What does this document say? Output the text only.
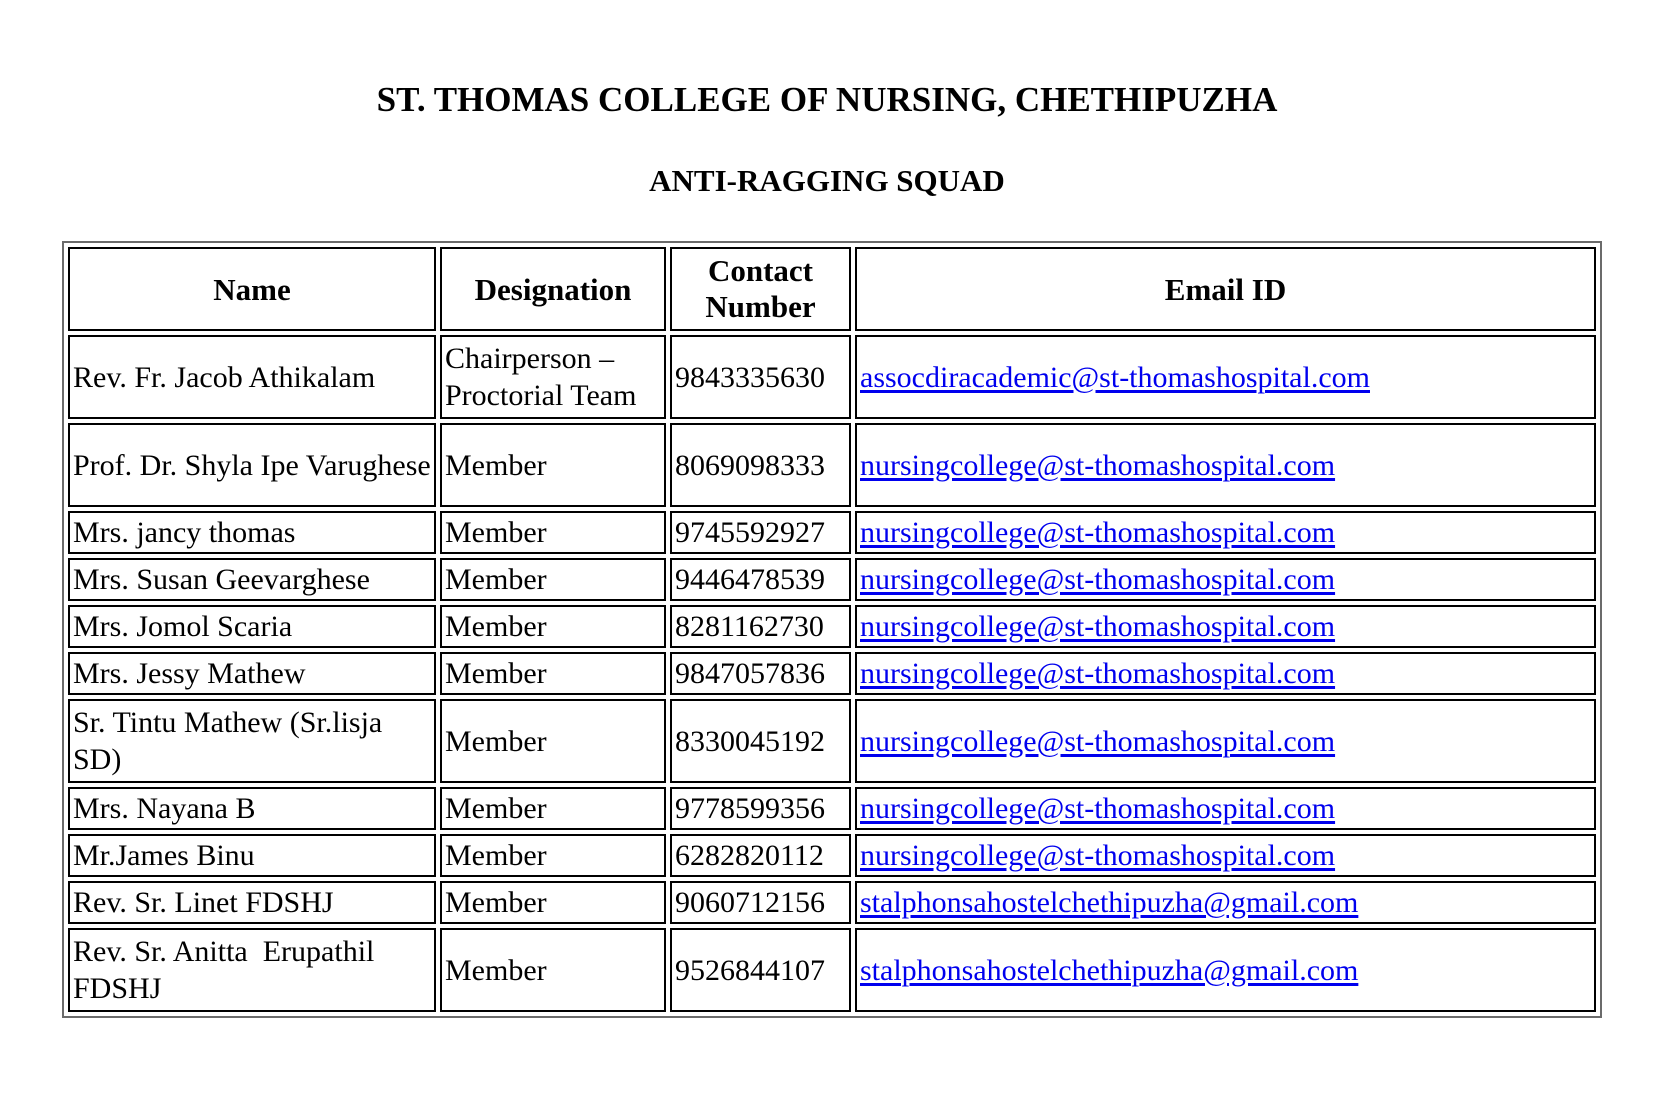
ST. THOMAS COLLEGE OF NURSING, CHETHIPUZHA
ANTI-RAGGING SQUAD
Name	Designation	Contact Number	Email ID
Rev. Fr. Jacob Athikalam	Chairperson – Proctorial Team	9843335630	assocdiracademic@st-thomashospital.com
Prof. Dr. Shyla Ipe Varughese	Member	8069098333	nursingcollege@st-thomashospital.com
Mrs. jancy thomas	Member	9745592927	nursingcollege@st-thomashospital.com
Mrs. Susan Geevarghese	Member	9446478539	nursingcollege@st-thomashospital.com
Mrs. Jomol Scaria	Member	8281162730	nursingcollege@st-thomashospital.com
Mrs. Jessy Mathew	Member	9847057836	nursingcollege@st-thomashospital.com
Sr. Tintu Mathew (Sr.lisja SD)	Member	8330045192	nursingcollege@st-thomashospital.com
Mrs. Nayana B	Member	9778599356	nursingcollege@st-thomashospital.com
Mr.James Binu	Member	6282820112	nursingcollege@st-thomashospital.com
Rev. Sr. Linet FDSHJ	Member	9060712156	stalphonsahostelchethipuzha@gmail.com
Rev. Sr. Anitta  Erupathil FDSHJ	Member	9526844107	stalphonsahostelchethipuzha@gmail.com
